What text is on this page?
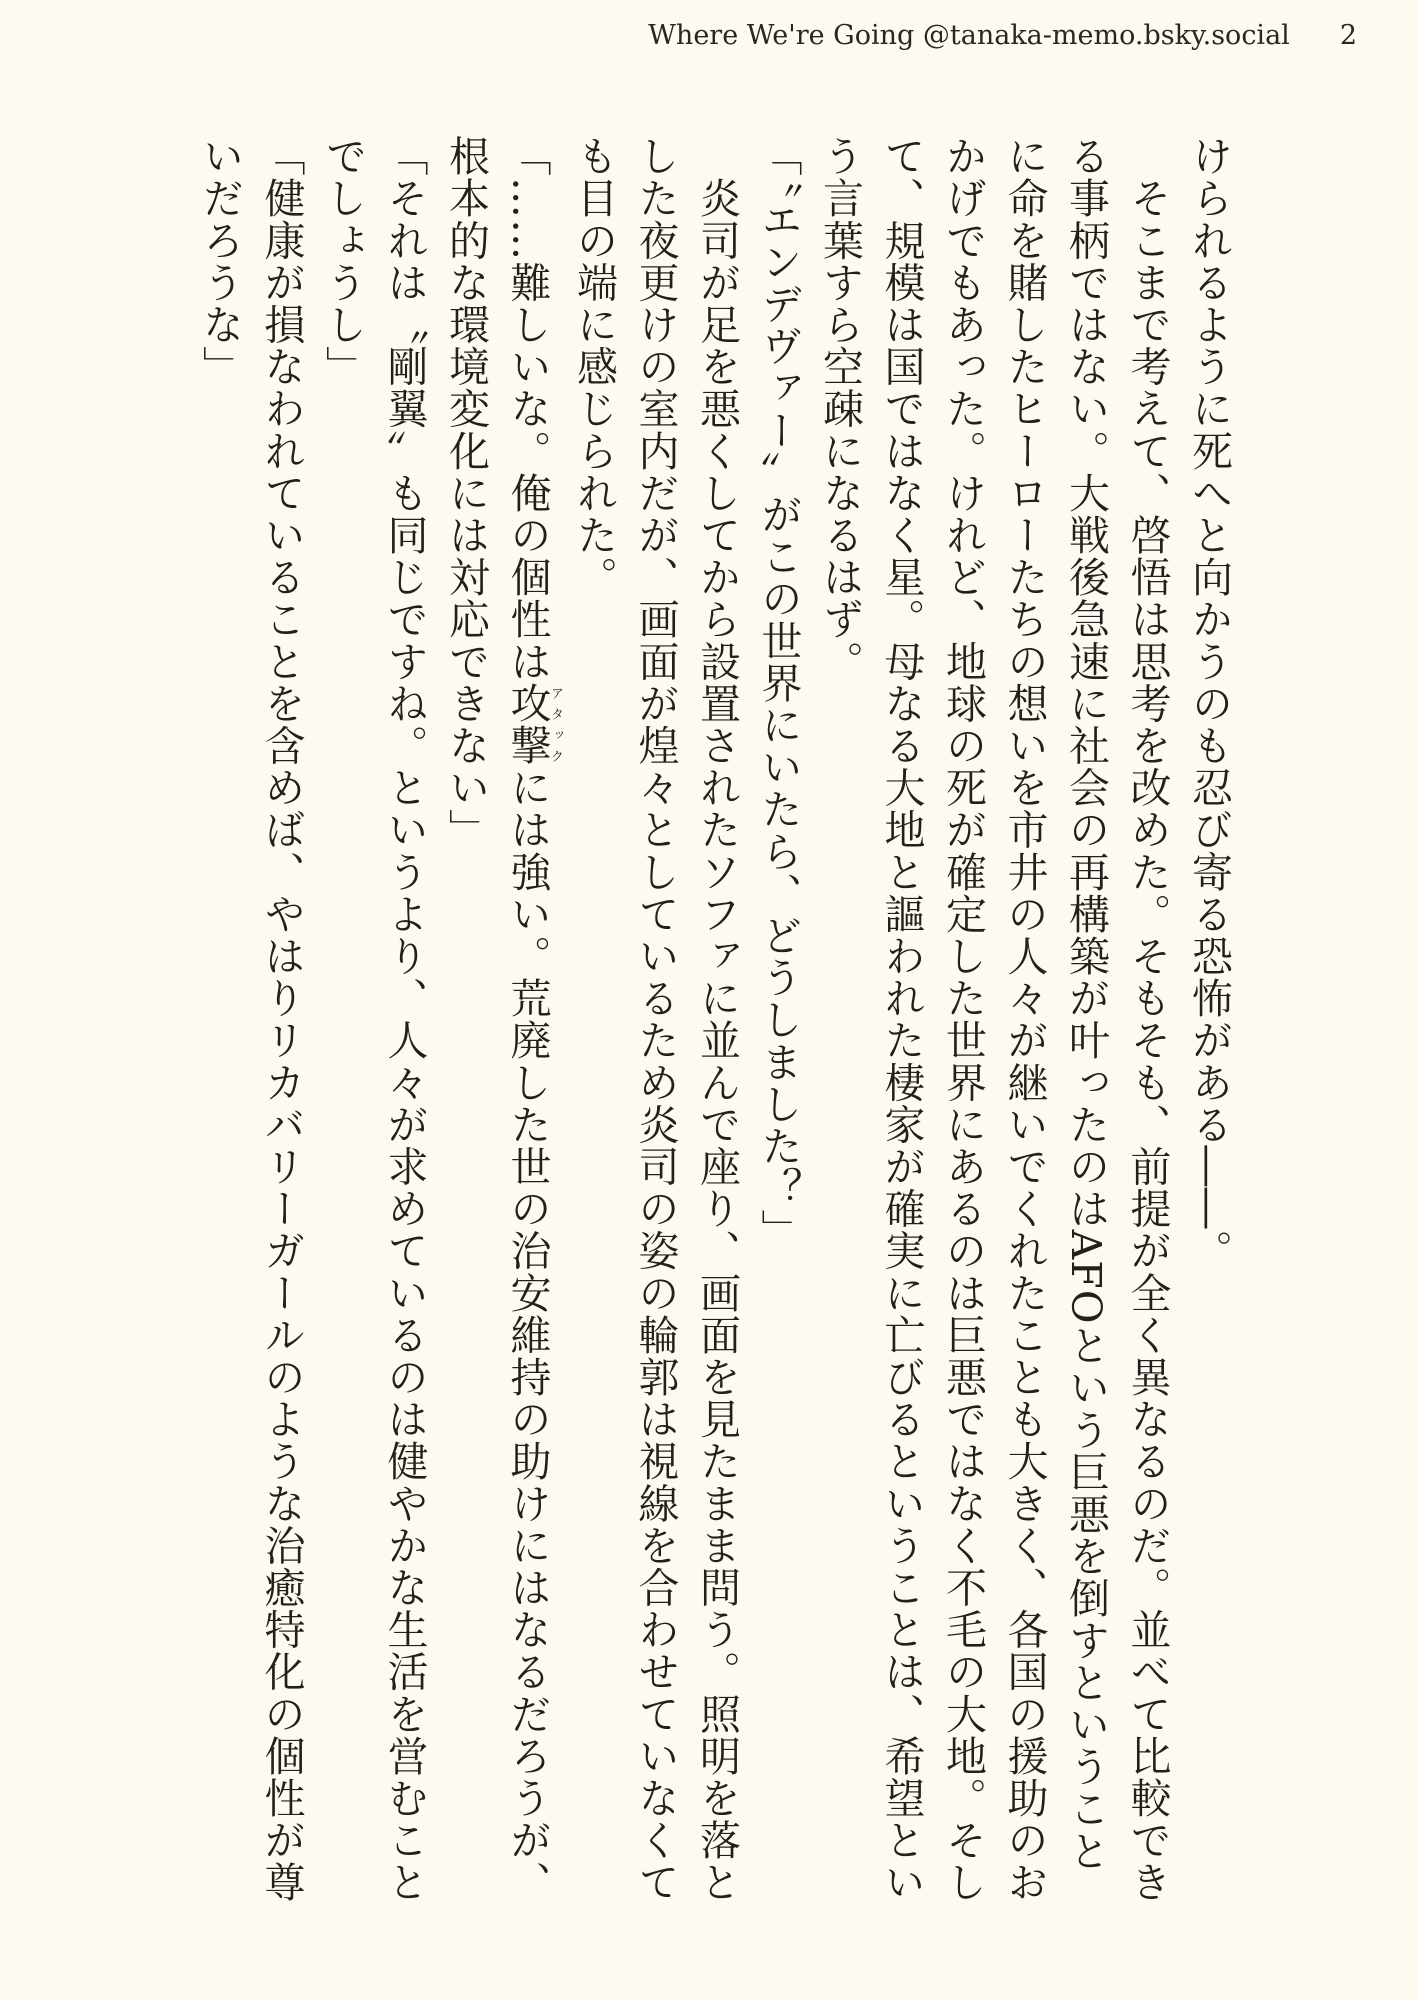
Where We're Going @tanaka-memo.bsky.social 2

けられるように死へと向かうのも忍び寄る恐怖がある――。

　そこまで考えて、啓悟は思考を改めた。そもそも、前提が全く異なるのだ。並べて比較でき
る事柄ではない。大戦後急速に社会の再構築が叶ったのはAFOという巨悪を倒すということ
に命を賭したヒーローたちの想いを市井の人々が継いでくれたことも大きく、各国の援助のお
かげでもあった。けれど、地球の死が確定した世界にあるのは巨悪ではなく不毛の大地。そし
て、規模は国ではなく星。母なる大地と謳われた棲家が確実に亡びるということは、希望とい
う言葉すら空疎になるはず。

「〝エンデヴァー〟がこの世界にいたら、どうしました？」

　炎司が足を悪くしてから設置されたソファに並んで座り、画面を見たまま問う。照明を落と
した夜更けの室内だが、画面が煌々としているため炎司の姿の輪郭は視線を合わせていなくて
も目の端に感じられた。

「……難しいな。俺の個性は攻撃アタックには強い。荒廃した世の治安維持の助けにはなるだろうが、
根本的な環境変化には対応できない」

「それは〝剛翼〟も同じですね。というより、人々が求めているのは健やかな生活を営むこと
でしょうし」

「健康が損なわれていることを含めば、やはりリカバリーガールのような治癒特化の個性が尊
いだろうな」
